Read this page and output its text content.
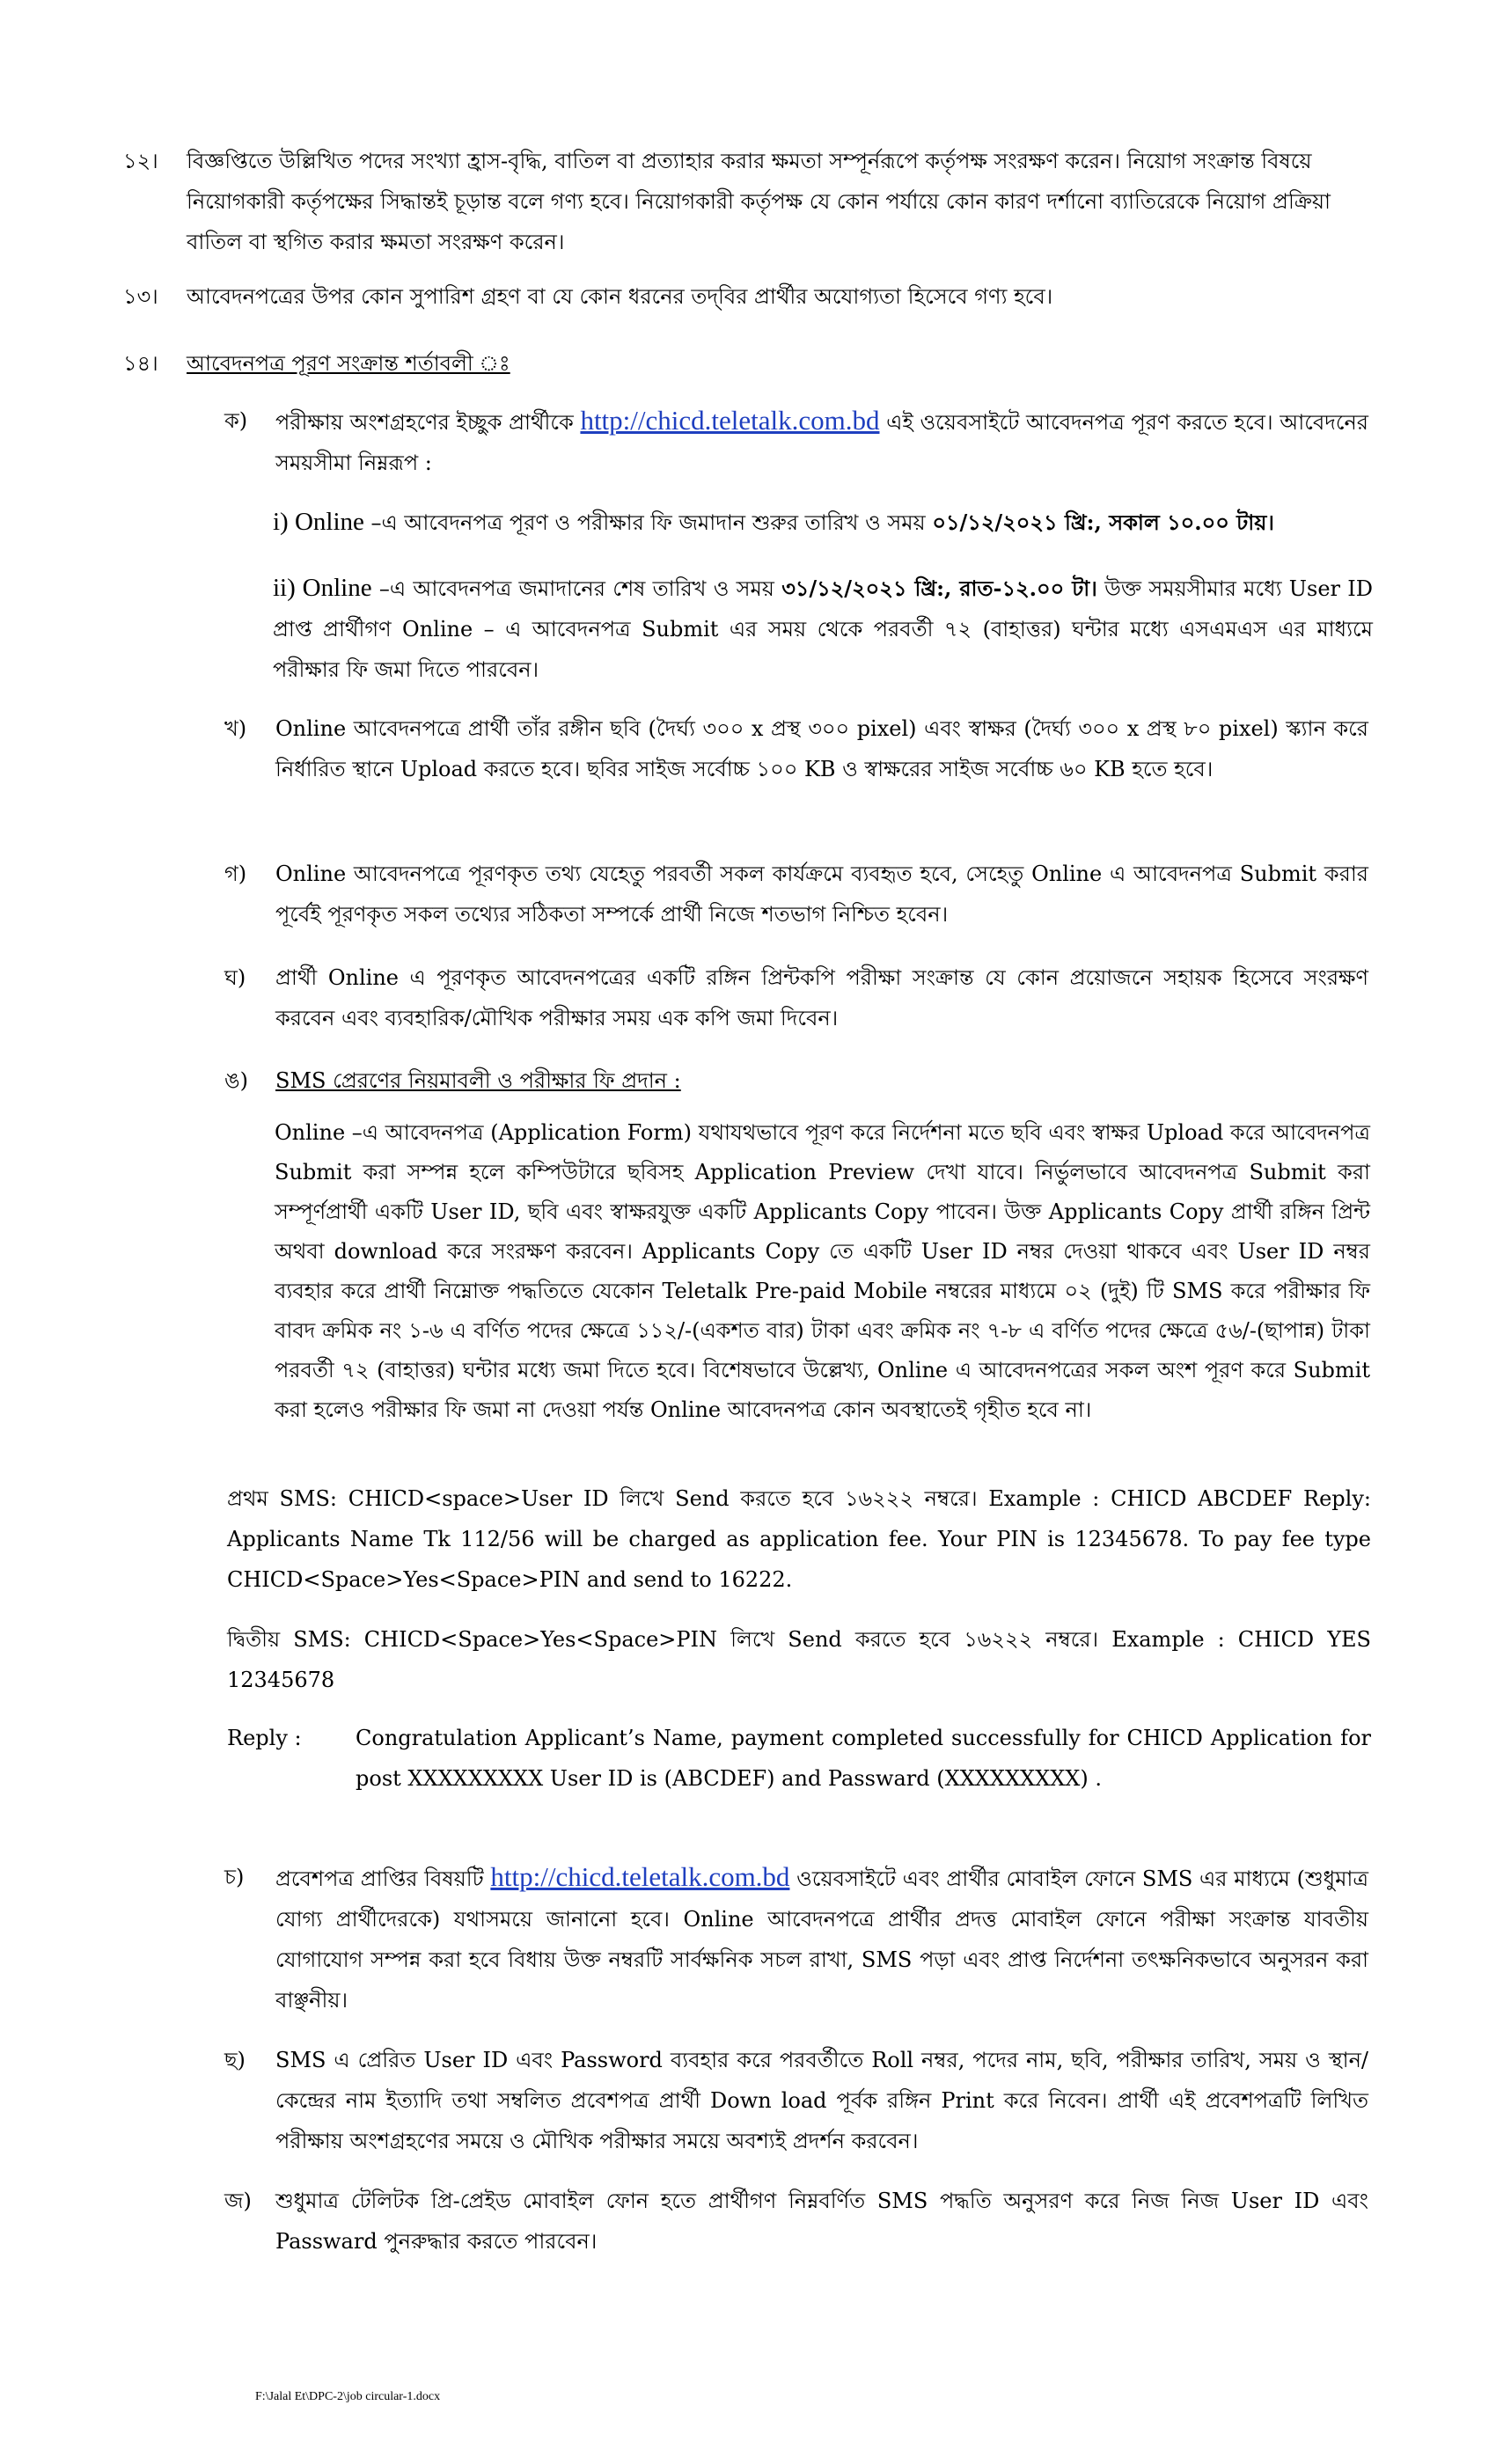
১২।	বিজ্ঞপ্তিতে উল্লিখিত পদের সংখ্যা হ্রাস-বৃদ্ধি, বাতিল বা প্রত্যাহার করার ক্ষমতা সম্পূর্নরূপে কর্তৃপক্ষ সংরক্ষণ করেন। নিয়োগ সংক্রান্ত বিষয়ে নিয়োগকারী কর্তৃপক্ষের সিদ্ধান্তই চূড়ান্ত বলে গণ্য হবে। নিয়োগকারী কর্তৃপক্ষ যে কোন পর্যায়ে কোন কারণ দর্শানো ব্যাতিরেকে নিয়োগ প্রক্রিয়া বাতিল বা স্থগিত করার ক্ষমতা সংরক্ষণ করেন।
১৩।	আবেদনপত্রের উপর কোন সুপারিশ গ্রহণ বা যে কোন ধরনের তদ্‌বির প্রার্থীর অযোগ্যতা হিসেবে গণ্য হবে।
১৪।	আবেদনপত্র পূরণ সংক্রান্ত শর্তাবলী ঃ
ক)	পরীক্ষায় অংশগ্রহণের ইচ্ছুক প্রার্থীকে http://chicd.teletalk.com.bd এই ওয়েবসাইটে আবেদনপত্র পূরণ করতে হবে। আবেদনের সময়সীমা নিম্নরূপ :
i) Online –এ আবেদনপত্র পূরণ ও পরীক্ষার ফি জমাদান শুরুর তারিখ ও সময় ০১/১২/২০২১ খ্রি:, সকাল ১০.০০ টায়।
ii) Online –এ আবেদনপত্র জমাদানের শেষ তারিখ ও সময় ৩১/১২/২০২১ খ্রি:, রাত-১২.০০ টা। উক্ত সময়সীমার মধ্যে User ID প্রাপ্ত প্রার্থীগণ Online – এ আবেদনপত্র Submit এর সময় থেকে পরবর্তী ৭২ (বাহাত্তর) ঘন্টার মধ্যে এসএমএস এর মাধ্যমে পরীক্ষার ফি জমা দিতে পারবেন।
খ)	Online আবেদনপত্রে প্রার্থী তাঁর রঙ্গীন ছবি (দৈর্ঘ্য ৩০০ x প্রস্থ ৩০০ pixel) এবং স্বাক্ষর (দৈর্ঘ্য ৩০০ x প্রস্থ ৮০ pixel) স্ক্যান করে নির্ধারিত স্থানে Upload করতে হবে। ছবির সাইজ সর্বোচ্চ ১০০ KB ও স্বাক্ষরের সাইজ সর্বোচ্চ ৬০ KB হতে হবে।
গ)	Online আবেদনপত্রে পূরণকৃত তথ্য যেহেতু পরবর্তী সকল কার্যক্রমে ব্যবহৃত হবে, সেহেতু Online এ আবেদনপত্র Submit করার পূর্বেই পূরণকৃত সকল তথ্যের সঠিকতা সম্পর্কে প্রার্থী নিজে শতভাগ নিশ্চিত হবেন।
ঘ)	প্রার্থী Online এ পূরণকৃত আবেদনপত্রের একটি রঙ্গিন প্রিন্টকপি পরীক্ষা সংক্রান্ত যে কোন প্রয়োজনে সহায়ক হিসেবে সংরক্ষণ করবেন এবং ব্যবহারিক/মৌখিক পরীক্ষার সময় এক কপি জমা দিবেন।
ঙ)	SMS প্রেরণের নিয়মাবলী ও পরীক্ষার ফি প্রদান :
Online –এ আবেদনপত্র (Application Form) যথাযথভাবে পূরণ করে নির্দেশনা মতে ছবি এবং স্বাক্ষর Upload করে আবেদনপত্র Submit করা সম্পন্ন হলে কম্পিউটারে ছবিসহ Application Preview দেখা যাবে। নির্ভুলভাবে আবেদনপত্র Submit করা সম্পূর্ণপ্রার্থী একটি User ID, ছবি এবং স্বাক্ষরযুক্ত একটি Applicants Copy পাবেন। উক্ত Applicants Copy প্রার্থী রঙ্গিন প্রিন্ট অথবা download করে সংরক্ষণ করবেন। Applicants Copy তে একটি User ID নম্বর দেওয়া থাকবে এবং User ID নম্বর ব্যবহার করে প্রার্থী নিম্নোক্ত পদ্ধতিতে যেকোন Teletalk Pre-paid Mobile নম্বরের মাধ্যমে ০২ (দুই) টি SMS করে পরীক্ষার ফি বাবদ ক্রমিক নং ১-৬ এ বর্ণিত পদের ক্ষেত্রে ১১২/-(একশত বার) টাকা এবং ক্রমিক নং ৭-৮ এ বর্ণিত পদের ক্ষেত্রে ৫৬/-(ছাপান্ন) টাকা পরবর্তী ৭২ (বাহাত্তর) ঘন্টার মধ্যে জমা দিতে হবে। বিশেষভাবে উল্লেখ্য, Online এ আবেদনপত্রের সকল অংশ পূরণ করে Submit করা হলেও পরীক্ষার ফি জমা না দেওয়া পর্যন্ত Online আবেদনপত্র কোন অবস্থাতেই গৃহীত হবে না।
প্রথম SMS: CHICD<space>User ID লিখে Send করতে হবে ১৬২২২ নম্বরে। Example : CHICD ABCDEF Reply: Applicants Name Tk 112/56 will be charged as application fee. Your PIN is 12345678. To pay fee type CHICD<Space>Yes<Space>PIN and send to 16222.
দ্বিতীয় SMS: CHICD<Space>Yes<Space>PIN লিখে Send করতে হবে ১৬২২২ নম্বরে। Example : CHICD YES 12345678
Reply :	Congratulation Applicant’s Name, payment completed successfully for CHICD Application for post XXXXXXXXX User ID is (ABCDEF) and Passward (XXXXXXXXX) .
চ)	প্রবেশপত্র প্রাপ্তির বিষয়টি http://chicd.teletalk.com.bd ওয়েবসাইটে এবং প্রার্থীর মোবাইল ফোনে SMS এর মাধ্যমে (শুধুমাত্র যোগ্য প্রার্থীদেরকে) যথাসময়ে জানানো হবে। Online আবেদনপত্রে প্রার্থীর প্রদত্ত মোবাইল ফোনে পরীক্ষা সংক্রান্ত যাবতীয় যোগাযোগ সম্পন্ন করা হবে বিধায় উক্ত নম্বরটি সার্বক্ষনিক সচল রাখা, SMS পড়া এবং প্রাপ্ত নির্দেশনা তৎক্ষনিকভাবে অনুসরন করা বাঞ্ছনীয়।
ছ)	SMS এ প্রেরিত User ID এবং Password ব্যবহার করে পরবর্তীতে Roll নম্বর, পদের নাম, ছবি, পরীক্ষার তারিখ, সময় ও স্থান/কেন্দ্রের নাম ইত্যাদি তথা সম্বলিত প্রবেশপত্র প্রার্থী Down load পূর্বক রঙ্গিন Print করে নিবেন। প্রার্থী এই প্রবেশপত্রটি লিখিত পরীক্ষায় অংশগ্রহণের সময়ে ও মৌখিক পরীক্ষার সময়ে অবশ্যই প্রদর্শন করবেন।
জ)	শুধুমাত্র টেলিটক প্রি-প্রেইড মোবাইল ফোন হতে প্রার্থীগণ নিম্নবর্ণিত SMS পদ্ধতি অনুসরণ করে নিজ নিজ User ID এবং Passward পুনরুদ্ধার করতে পারবেন।
F:\Jalal Et\DPC-2\job circular-1.docx
